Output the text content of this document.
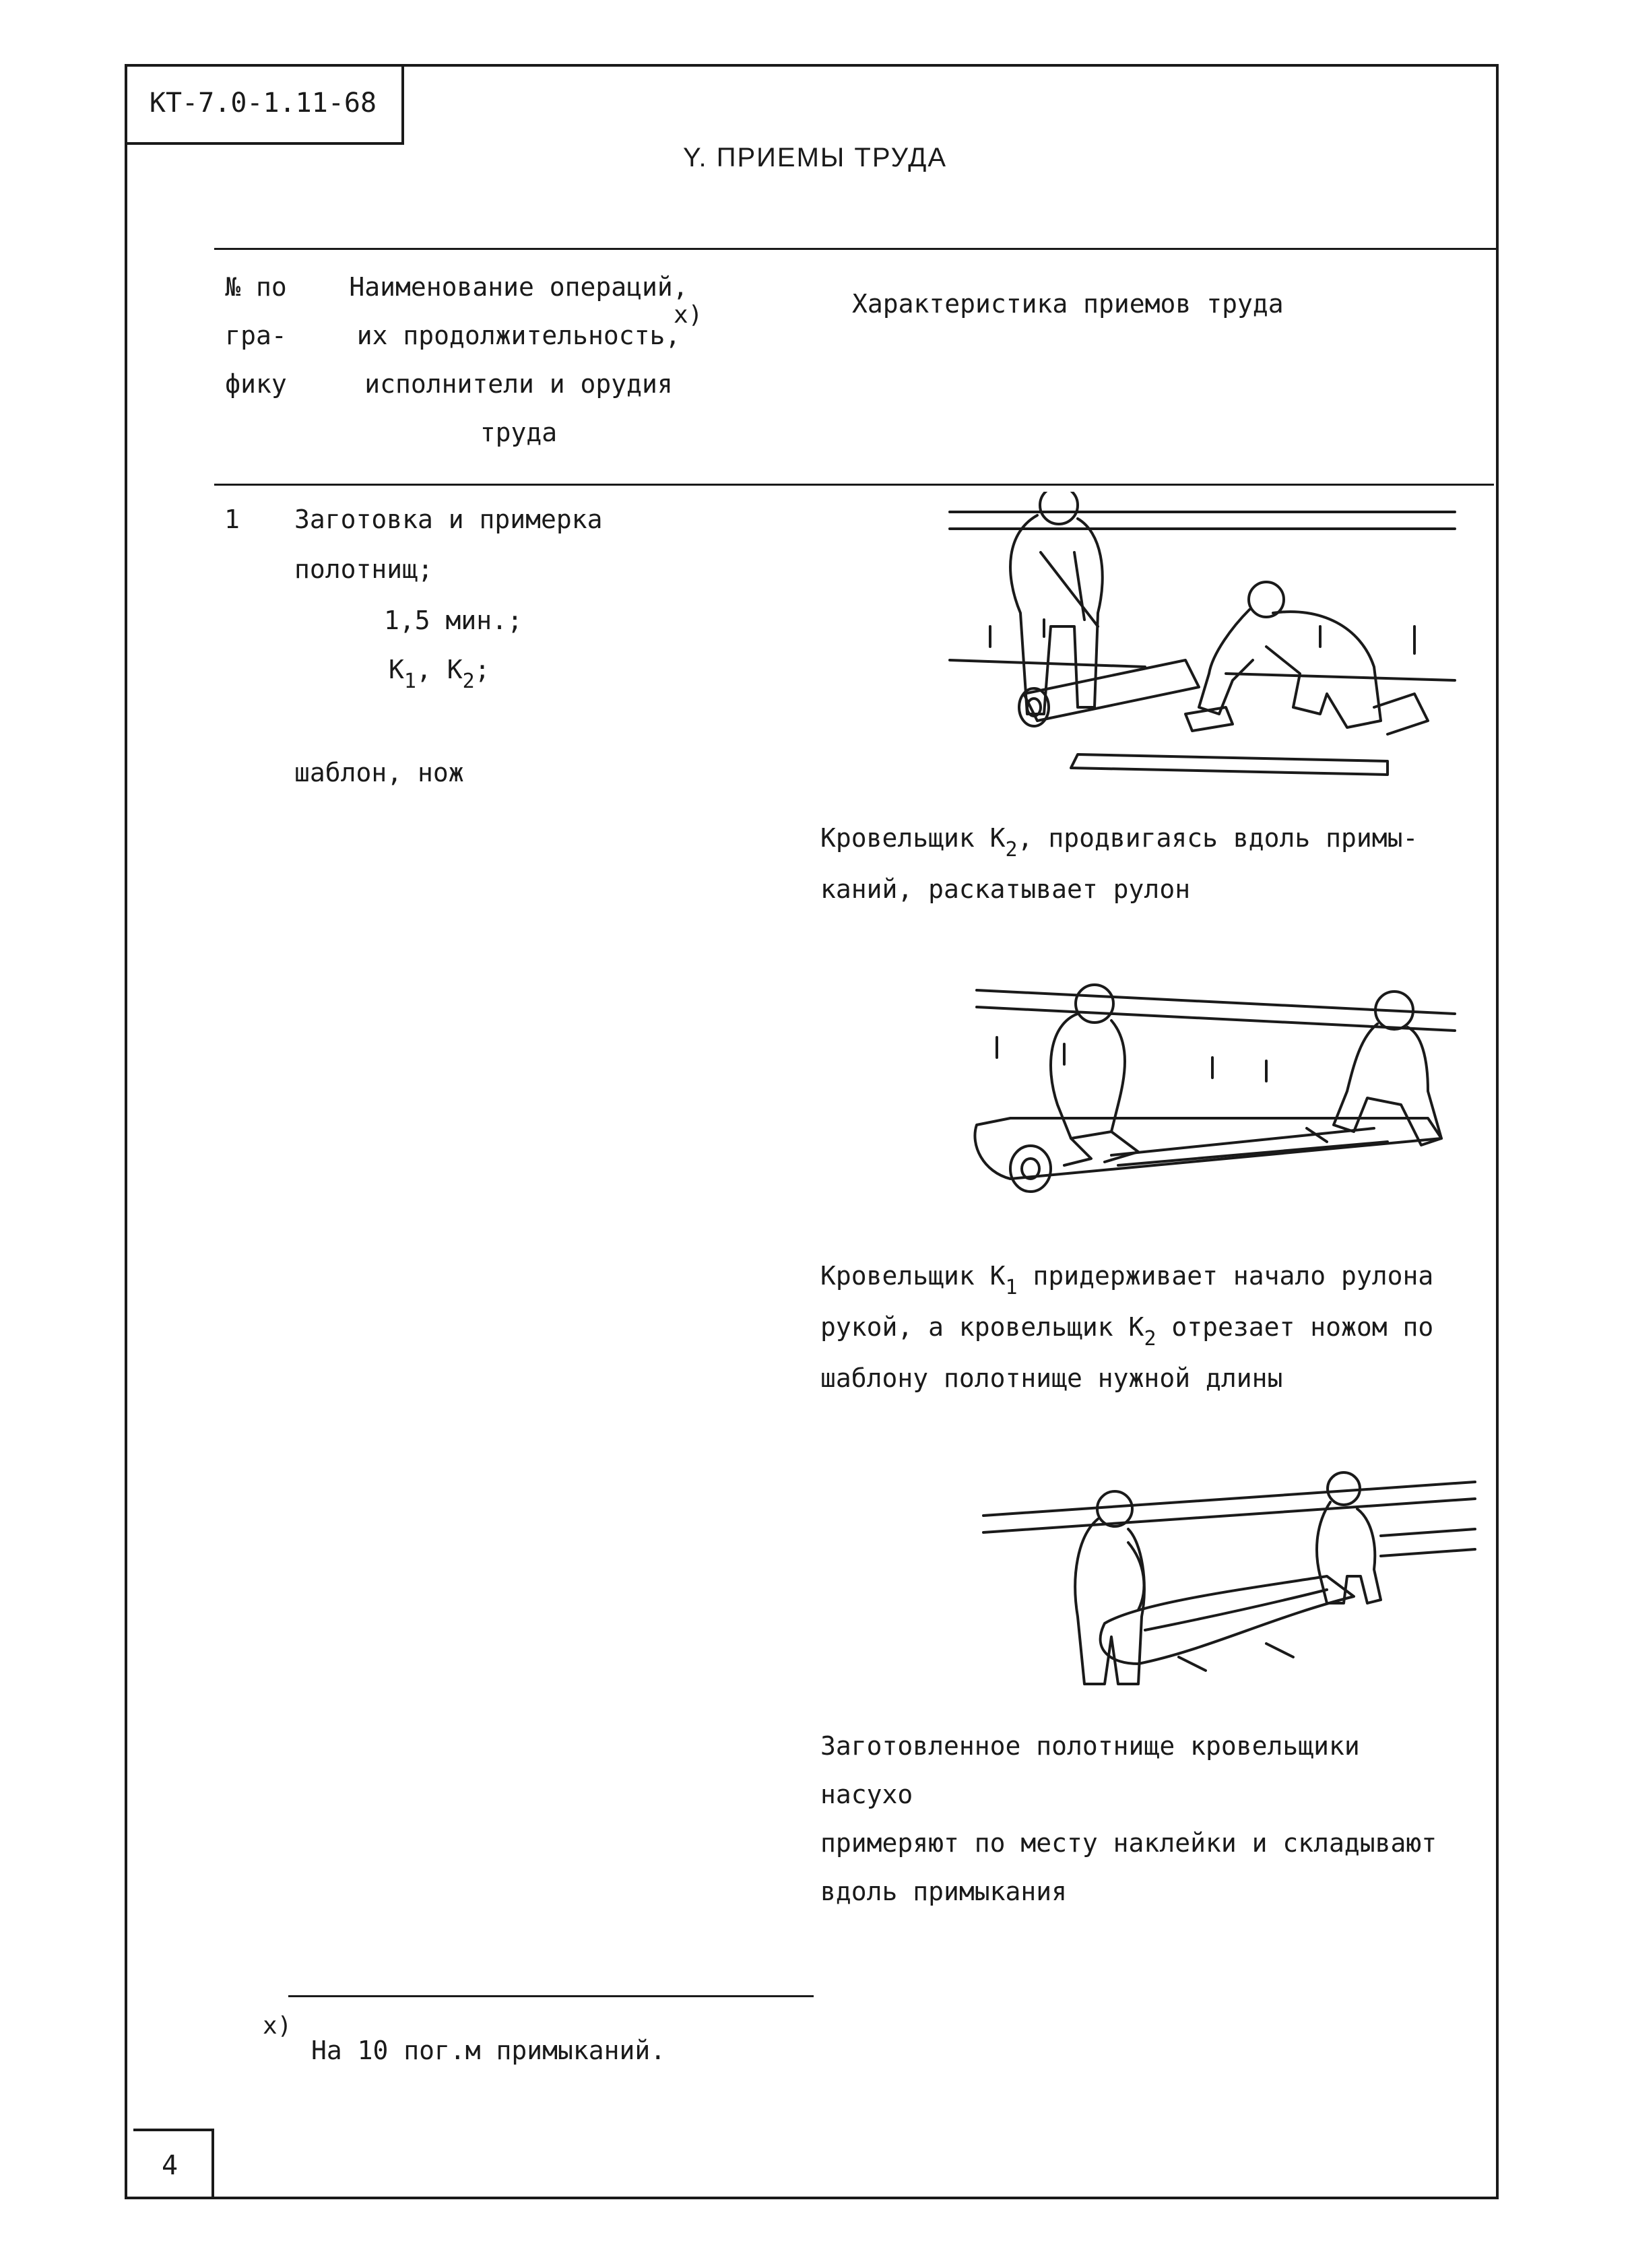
КТ-7.0-1.11-68
Y. ПРИЕМЫ ТРУДА
№ по
гра-
фику
Наименование операций,
их продолжительность,
исполнители и орудия
труда
x)	Характеристика приемов труда
1 Заготовка и примерка
полотнищ;
1,5 мин.;
$К_1$, $К_2$;
шаблон, нож
Кровельщик $К_2$, продвигаясь вдоль примы-
каний, раскатывает рулон
Кровельщик $К_1$ придерживает начало рулона
рукой, а кровельщик $К_2$ отрезает ножом по
шаблону полотнище нужной длины
Заготовленное полотнище кровельщики насухо
примеряют по месту наклейки и складывают
вдоль примыкания
x)
На 10 пог.м примыканий.
4
